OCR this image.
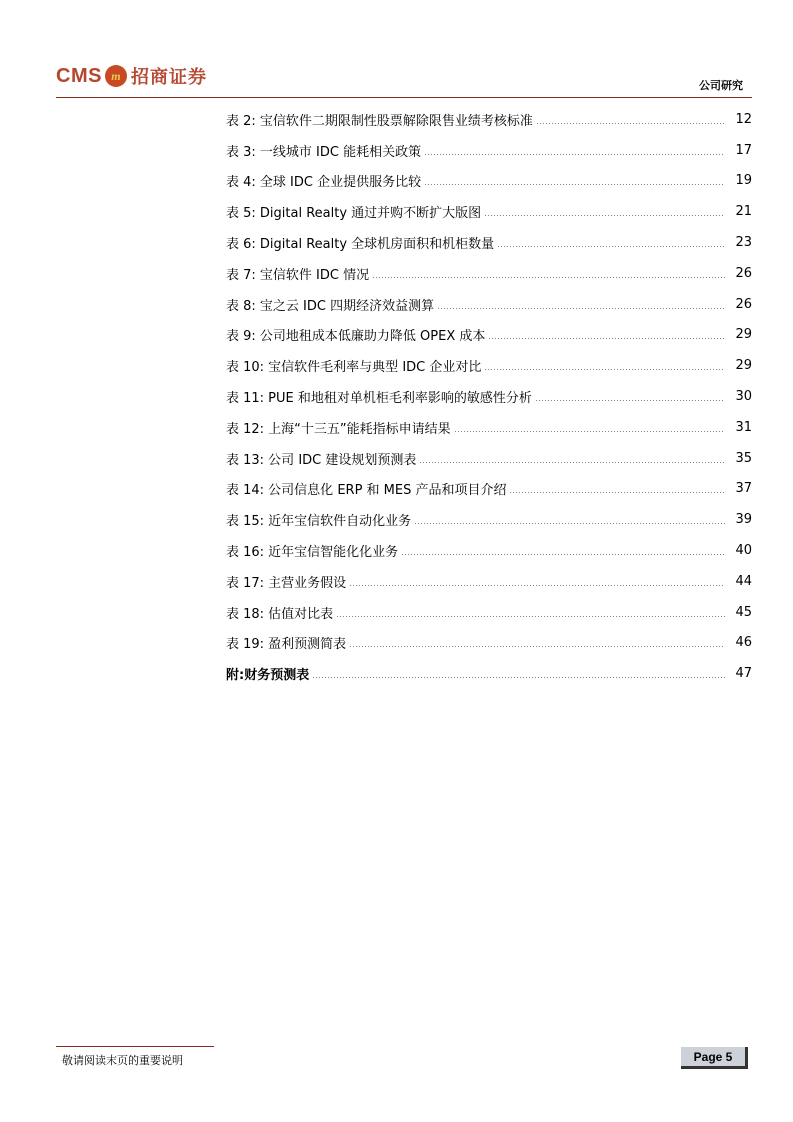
CMS m 招商证券	公司研究
表 2: 宝信软件二期限制性股票解除限售业绩考核标准	12
表 3: 一线城市 IDC 能耗相关政策	17
表 4: 全球 IDC 企业提供服务比较	19
表 5: Digital Realty 通过并购不断扩大版图	21
表 6: Digital Realty 全球机房面积和机柜数量	23
表 7: 宝信软件 IDC 情况	26
表 8: 宝之云 IDC 四期经济效益测算	26
表 9: 公司地租成本低廉助力降低 OPEX 成本	29
表 10: 宝信软件毛利率与典型 IDC 企业对比	29
表 11: PUE 和地租对单机柜毛利率影响的敏感性分析	30
表 12: 上海“十三五”能耗指标申请结果	31
表 13: 公司 IDC 建设规划预测表	35
表 14: 公司信息化 ERP 和 MES 产品和项目介绍	37
表 15: 近年宝信软件自动化业务	39
表 16: 近年宝信智能化化业务	40
表 17: 主营业务假设	44
表 18: 估值对比表	45
表 19: 盈利预测简表	46
附:财务预测表	47
敬请阅读末页的重要说明	Page 5
